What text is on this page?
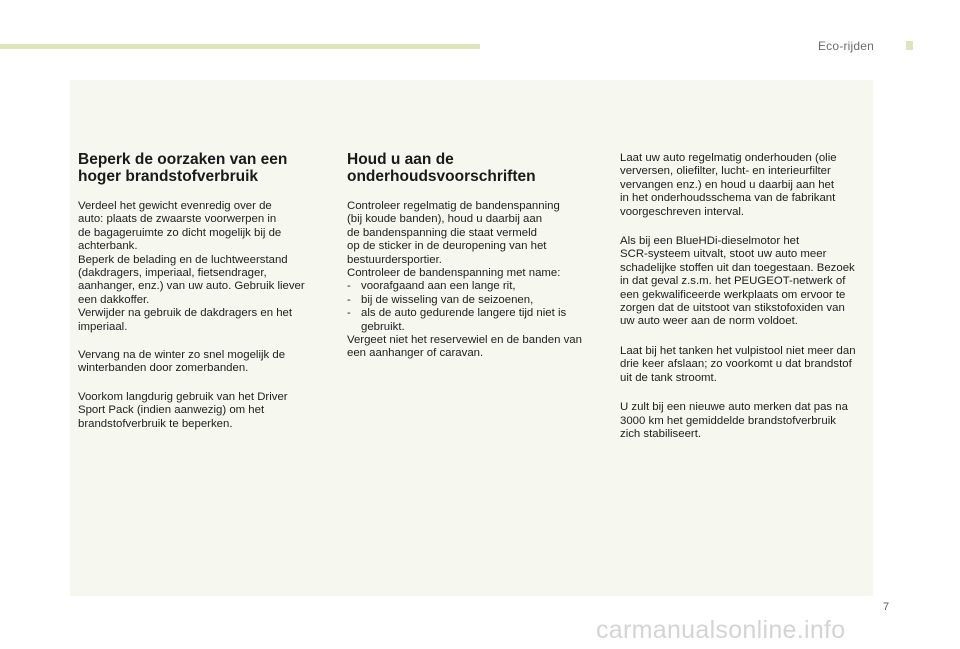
Eco-rijden
Beperk de oorzaken van een
hoger brandstofverbruik
Verdeel het gewicht evenredig over de
auto: plaats de zwaarste voorwerpen in
de bagageruimte zo dicht mogelijk bij de
achterbank.
Beperk de belading en de luchtweerstand
(dakdragers, imperiaal, fietsendrager,
aanhanger, enz.) van uw auto. Gebruik liever
een dakkoffer.
Verwijder na gebruik de dakdragers en het
imperiaal.
Vervang na de winter zo snel mogelijk de
winterbanden door zomerbanden.
Voorkom langdurig gebruik van het Driver
Sport Pack (indien aanwezig) om het
brandstofverbruik te beperken.
Houd u aan de
onderhoudsvoorschriften
Controleer regelmatig de bandenspanning
(bij koude banden), houd u daarbij aan
de bandenspanning die staat vermeld
op de sticker in de deuropening van het
bestuurdersportier.
Controleer de bandenspanning met name:
- voorafgaand aan een lange rit,
- bij de wisseling van de seizoenen,
- als de auto gedurende langere tijd niet is
gebruikt.
Vergeet niet het reservewiel en de banden van
een aanhanger of caravan.
Laat uw auto regelmatig onderhouden (olie
verversen, oliefilter, lucht- en interieurfilter
vervangen enz.) en houd u daarbij aan het
in het onderhoudsschema van de fabrikant
voorgeschreven interval.
Als bij een BlueHDi-dieselmotor het
SCR-systeem uitvalt, stoot uw auto meer
schadelijke stoffen uit dan toegestaan. Bezoek
in dat geval z.s.m. het PEUGEOT-netwerk of
een gekwalificeerde werkplaats om ervoor te
zorgen dat de uitstoot van stikstofoxiden van
uw auto weer aan de norm voldoet.
Laat bij het tanken het vulpistool niet meer dan
drie keer afslaan; zo voorkomt u dat brandstof
uit de tank stroomt.
U zult bij een nieuwe auto merken dat pas na
3000 km het gemiddelde brandstofverbruik
zich stabiliseert.
7
carmanualsonline.info
